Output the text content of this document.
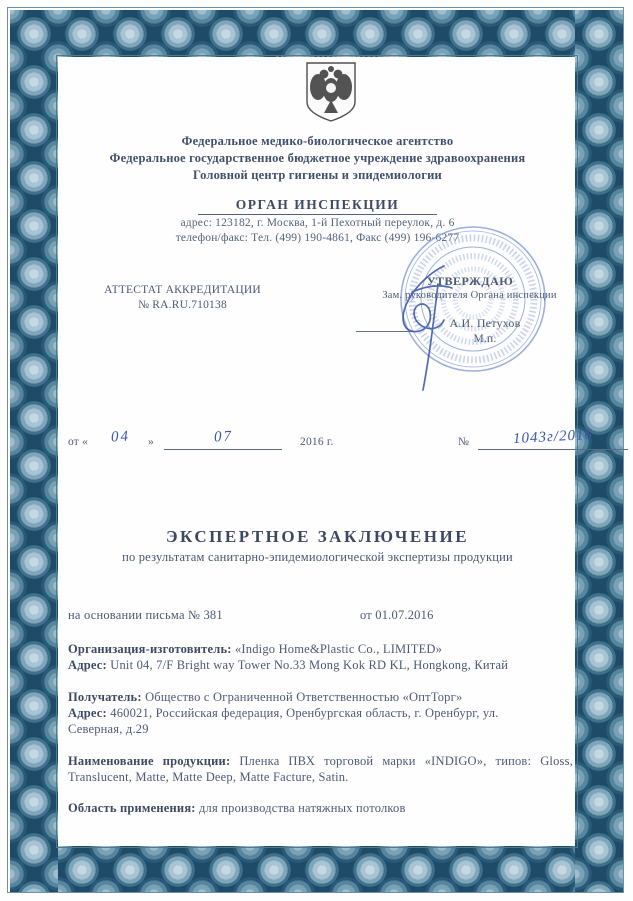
Федеральное медико-биологическое агентство
Федеральное государственное бюджетное учреждение здравоохранения
Головной центр гигиены и эпидемиологии
ОРГАН ИНСПЕКЦИИ
адрес: 123182, г. Москва, 1-й Пехотный переулок, д. 6
телефон/факс: Тел. (499) 190-4861, Факс (499) 196-6277
АТТЕСТАТ АККРЕДИТАЦИИ
№ RA.RU.710138
УТВЕРЖДАЮ
Зам. руководителя Органа инспекции
А.И. Петухов
М.п.
от «	04	»	07	2016 г.	№	1043г/2016
ЭКСПЕРТНОЕ ЗАКЛЮЧЕНИЕ
по результатам санитарно-эпидемиологической экспертизы продукции
на основании письма № 381	от 01.07.2016
Организация-изготовитель: «Indigo Home&Plastic Co., LIMITED»
Адрес: Unit 04, 7/F Bright way Tower No.33 Mong Kok RD KL, Hongkong, Китай
Получатель: Общество с Ограниченной Ответственностью «ОптТорг»
Адрес: 460021, Российская федерация, Оренбургская область, г. Оренбург, ул. Северная, д.29
Наименование продукции: Пленка ПВХ торговой марки «INDIGO», типов: Gloss, Translucent, Matte, Matte Deep, Matte Facture, Satin.
Область применения: для производства натяжных потолков
